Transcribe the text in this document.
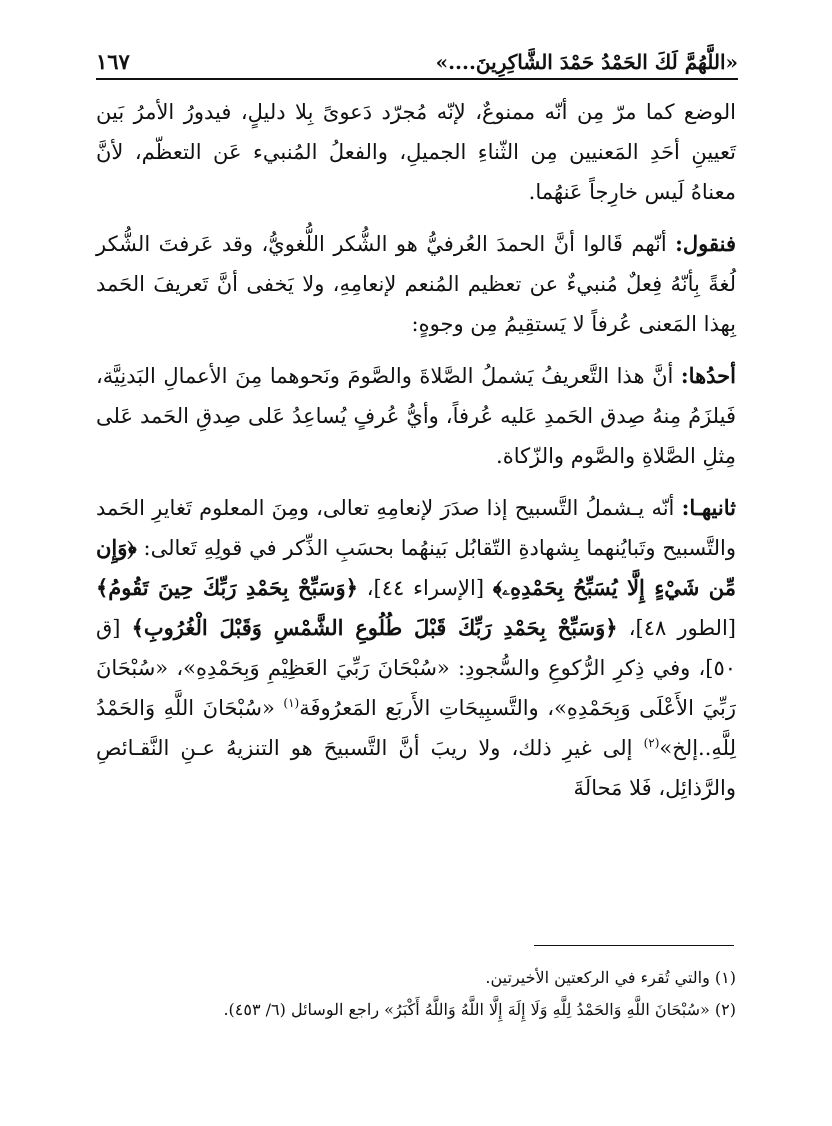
«اللَّهُمَّ لَكَ الحَمْدُ حَمْدَ الشَّاكِرِينَ....»
١٦٧

الوضع كما مرّ مِن أنّه ممنوعٌ، لإنّه مُجرّد دَعوىً بِلا دليلٍ، فيدورُ الأمرُ بَين تَعيينِ أحَدِ المَعنيين مِن الثّناءِ الجميلِ، والفعلُ المُنبيء عَن التعظّم، لأنَّ معناهُ لَيس خارِجاً عَنهُما.

فنقول: أنّهم قَالوا أنَّ الحمدَ العُرفيُّ هو الشُّكر اللُّغويُّ، وقد عَرفتَ الشُّكر لُغةً بِأنّهُ فِعلٌ مُنبيءٌ عن تعظيم المُنعم لإنعامِهِ، ولا يَخفى أنَّ تَعريفَ الحَمد بِهذا المَعنى عُرفاً لا يَستقِيمُ مِن وجوهٍ:

أحدُها: أنَّ هذا التَّعريفُ يَشملُ الصَّلاةَ والصَّومَ ونَحوهما مِنَ الأعمالِ البَدنِيَّة، فَيلزَمُ مِنهُ صِدق الحَمدِ عَليه عُرفاً، وأيُّ عُرفٍ يُساعِدُ عَلى صِدقِ الحَمد عَلى مِثلِ الصَّلاةِ والصَّوم والزّكاة.

ثانيهـا: أنّه يـشملُ التَّسبيح إذا صدَرَ لإنعامِهِ تعالى، ومِنَ المعلوم تَغايرِ الحَمد والتَّسبيح وتَبايُنهما بِشهادةِ التّقابُل بَينهُما بحسَبِ الذِّكر في قولِهِ تَعالى: ﴿وَإِن مِّن شَيْءٍ إِلَّا يُسَبِّحُ بِحَمْدِهِۦ﴾ [الإسراء ٤٤]، ﴿وَسَبِّحْ بِحَمْدِ رَبِّكَ حِينَ تَقُومُ﴾ [الطور ٤٨]، ﴿وَسَبِّحْ بِحَمْدِ رَبِّكَ قَبْلَ طُلُوعِ الشَّمْسِ وَقَبْلَ الْغُرُوبِ﴾ [ق ٥٠]، وفي ذِكرِ الرُّكوعِ والسُّجودِ: «سُبْحَانَ رَبِّيَ العَظِيْمِ وَبِحَمْدِهِ»، «سُبْحَانَ رَبِّيَ الأَعْلَى وَبِحَمْدِهِ»، والتَّسبِيحَاتِ الأَربَع المَعرُوفَة$^{(١)}$ «سُبْحَانَ اللَّهِ وَالحَمْدُ لِلَّهِ..إلخ»$^{(٢)}$ إلى غيرِ ذلك، ولا ريبَ أنَّ التَّسبيحَ هو التنزيهُ عـنِ النَّقـائصِ والرَّذائِل، فَلا مَحالَةَ

(١) والتي تُقرء في الركعتين الأخيرتين.

(٢) «سُبْحَانَ اللَّهِ وَالحَمْدُ لِلَّهِ وَلَا إِلَهَ إِلَّا اللَّهُ وَاللَّهُ أَكْبَرُ» راجع الوسائل (٦/ ٤٥٣).
